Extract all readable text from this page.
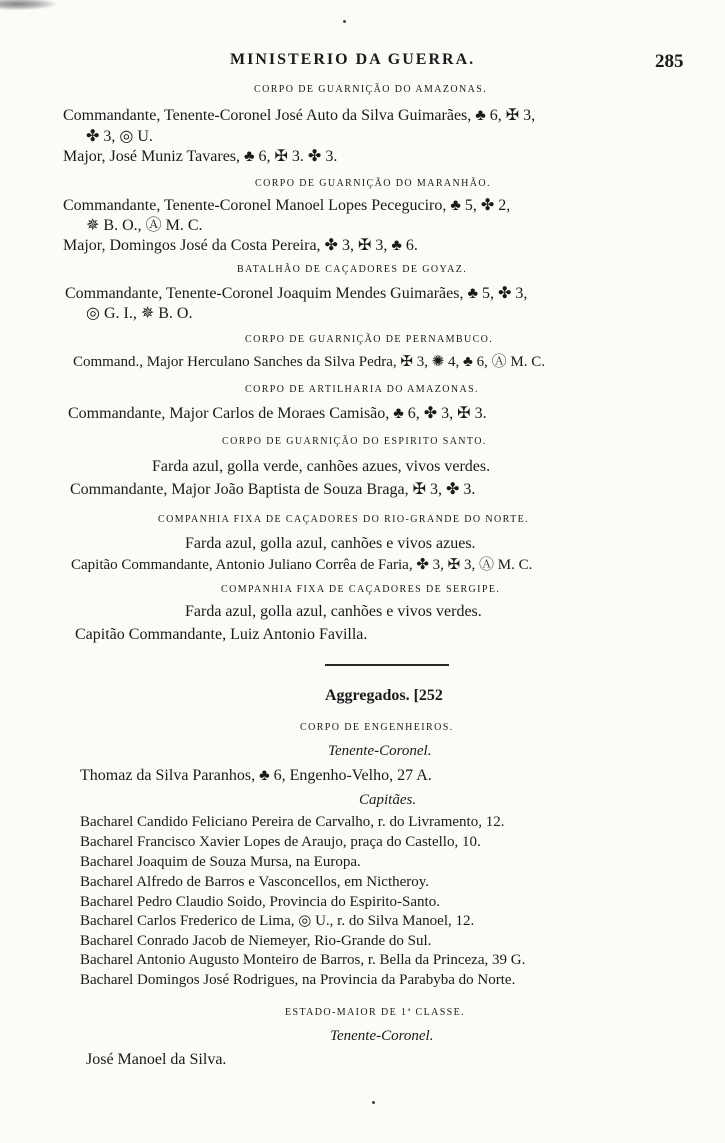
MINISTERIO DA GUERRA.	285
CORPO DE GUARNIÇÃO DO AMAZONAS.
Commandante, Tenente-Coronel José Auto da Silva Guimarães, ♣ 6, ✠ 3,
✤ 3, ◎ U.
Major, José Muniz Tavares, ♣ 6, ✠ 3. ✤ 3.
CORPO DE GUARNIÇÃO DO MARANHÃO.
Commandante, Tenente-Coronel Manoel Lopes Peceguciro, ♣ 5, ✤ 2,
✵ B. O., Ⓐ M. C.
Major, Domingos José da Costa Pereira, ✤ 3, ✠ 3, ♣ 6.
BATALHÃO DE CAÇADORES DE GOYAZ.
Commandante, Tenente-Coronel Joaquim Mendes Guimarães, ♣ 5, ✤ 3,
◎ G. I., ✵ B. O.
CORPO DE GUARNIÇÃO DE PERNAMBUCO.
Command., Major Herculano Sanches da Silva Pedra, ✠ 3, ✺ 4, ♣ 6, Ⓐ M. C.
CORPO DE ARTILHARIA DO AMAZONAS.
Commandante, Major Carlos de Moraes Camisão, ♣ 6, ✤ 3, ✠ 3.
CORPO DE GUARNIÇÃO DO ESPIRITO SANTO.
Farda azul, golla verde, canhões azues, vivos verdes.
Commandante, Major João Baptista de Souza Braga, ✠ 3, ✤ 3.
COMPANHIA FIXA DE CAÇADORES DO RIO-GRANDE DO NORTE.
Farda azul, golla azul, canhões e vivos azues.
Capitão Commandante, Antonio Juliano Corrêa de Faria, ✤ 3, ✠ 3, Ⓐ M. C.
COMPANHIA FIXA DE CAÇADORES DE SERGIPE.
Farda azul, golla azul, canhões e vivos verdes.
Capitão Commandante, Luiz Antonio Favilla.
Aggregados. [252
CORPO DE ENGENHEIROS.
Tenente-Coronel.
Thomaz da Silva Paranhos, ♣ 6, Engenho-Velho, 27 A.
Capitães.
Bacharel Candido Feliciano Pereira de Carvalho, r. do Livramento, 12.
Bacharel Francisco Xavier Lopes de Araujo, praça do Castello, 10.
Bacharel Joaquim de Souza Mursa, na Europa.
Bacharel Alfredo de Barros e Vasconcellos, em Nictheroy.
Bacharel Pedro Claudio Soido, Provincia do Espirito-Santo.
Bacharel Carlos Frederico de Lima, ◎ U., r. do Silva Manoel, 12.
Bacharel Conrado Jacob de Niemeyer, Rio-Grande do Sul.
Bacharel Antonio Augusto Monteiro de Barros, r. Bella da Princeza, 39 G.
Bacharel Domingos José Rodrigues, na Provincia da Parabyba do Norte.
ESTADO-MAIOR DE 1ª CLASSE.
Tenente-Coronel.
José Manoel da Silva.
